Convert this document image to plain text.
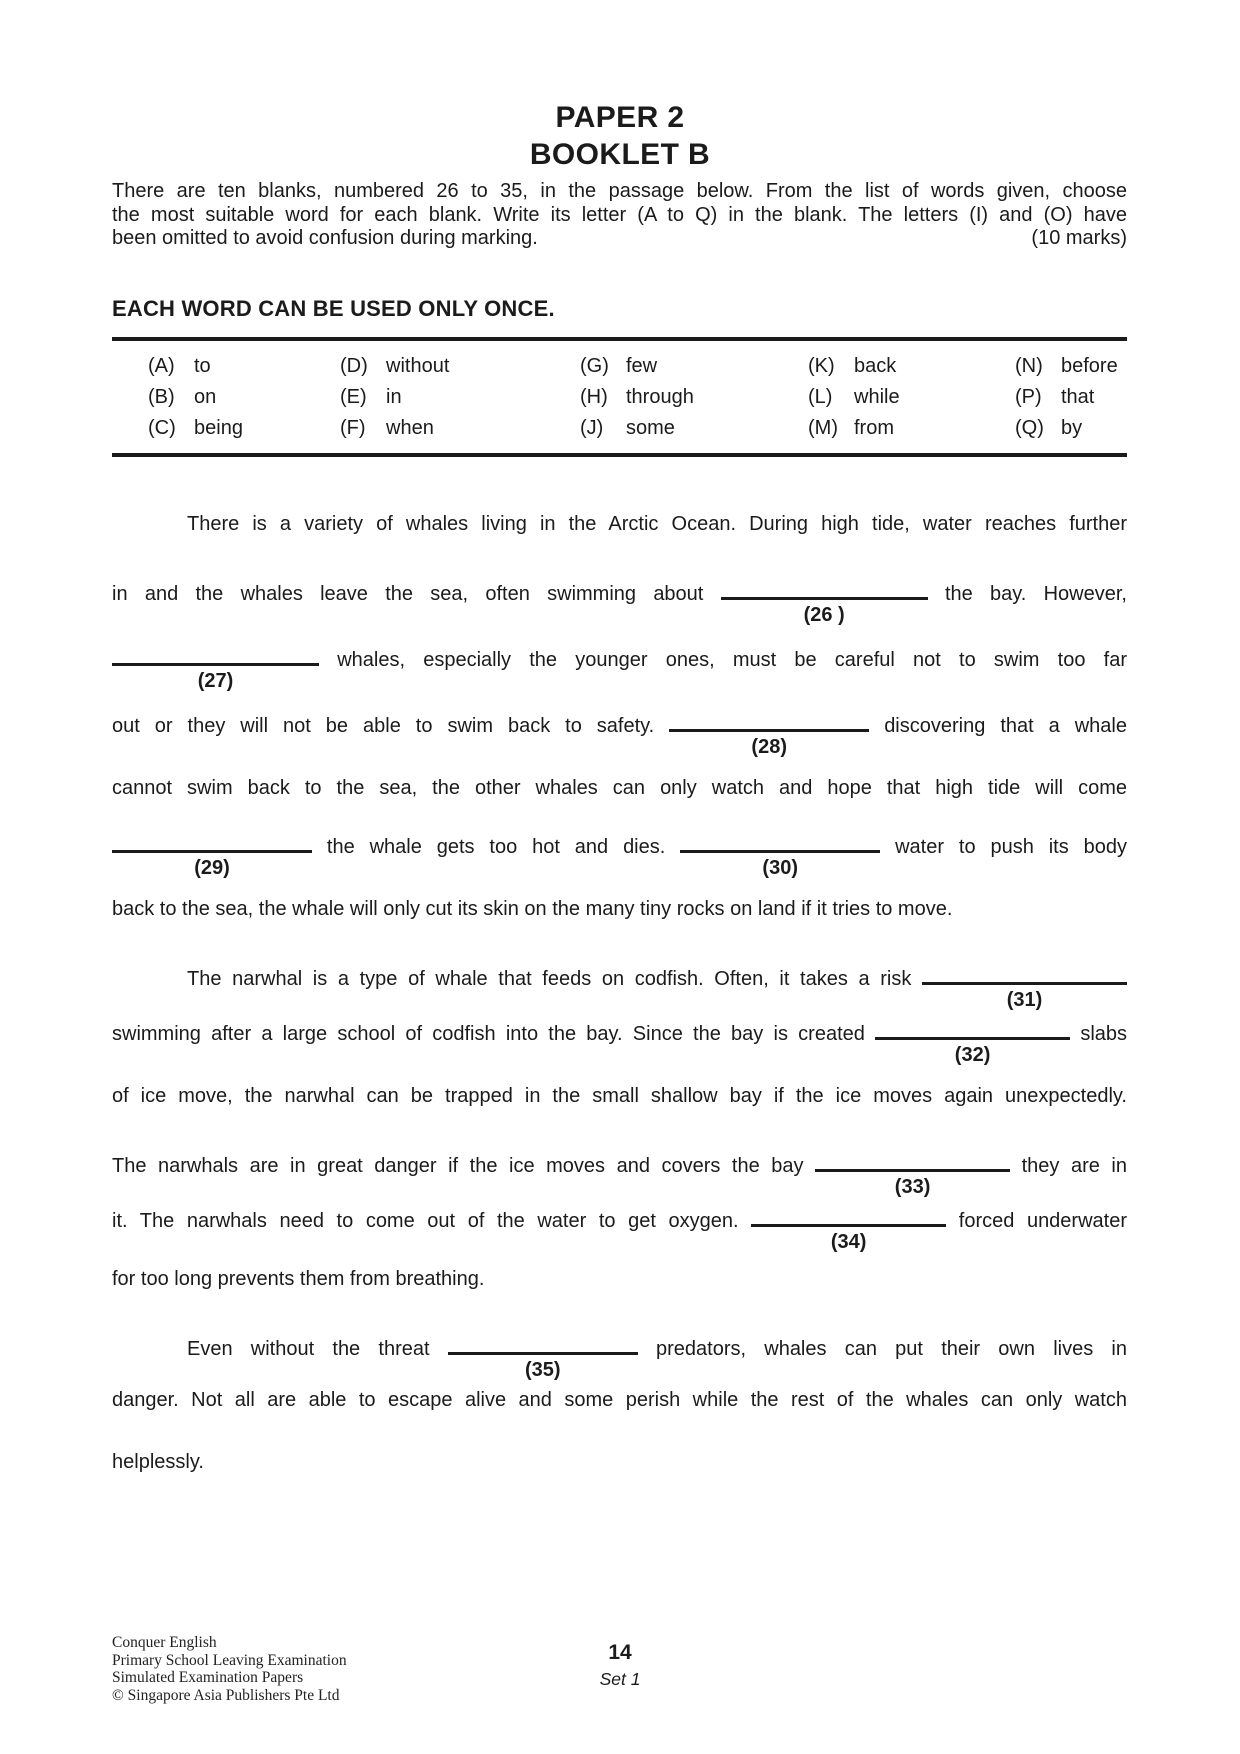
PAPER 2
BOOKLET B
There are ten blanks, numbered 26 to 35, in the passage below. From the list of words given, choose
the most suitable word for each blank. Write its letter (A to Q) in the blank. The letters (I) and (O) have
been omitted to avoid confusion during marking.	(10 marks)
EACH WORD CAN BE USED ONLY ONCE.
(A) to	(D) without	(G) few	(K) back	(N) before
(B) on	(E) in	(H) through	(L) while	(P) that
(C) being	(F) when	(J) some	(M) from	(Q) by
There is a variety of whales living in the Arctic Ocean. During high tide, water reaches further
in and the whales leave the sea, often swimming about
(26 )
the bay. However,
(27)
whales, especially the younger ones, must be careful not to swim too far
out or they will not be able to swim back to safety.
(28)
discovering that a whale
cannot swim back to the sea, the other whales can only watch and hope that high tide will come
(29)
the whale gets too hot and dies.
(30)
water to push its body
back to the sea, the whale will only cut its skin on the many tiny rocks on land if it tries to move.
The narwhal is a type of whale that feeds on codfish. Often, it takes a risk
(31)
swimming after a large school of codfish into the bay. Since the bay is created
(32)
slabs
of ice move, the narwhal can be trapped in the small shallow bay if the ice moves again unexpectedly.
The narwhals are in great danger if the ice moves and covers the bay
(33)
they are in
it. The narwhals need to come out of the water to get oxygen.
(34)
forced underwater
for too long prevents them from breathing.
Even without the threat
(35)
predators, whales can put their own lives in
danger. Not all are able to escape alive and some perish while the rest of the whales can only watch
helplessly.
Conquer English
Primary School Leaving Examination
Simulated Examination Papers
© Singapore Asia Publishers Pte Ltd
14
Set 1
